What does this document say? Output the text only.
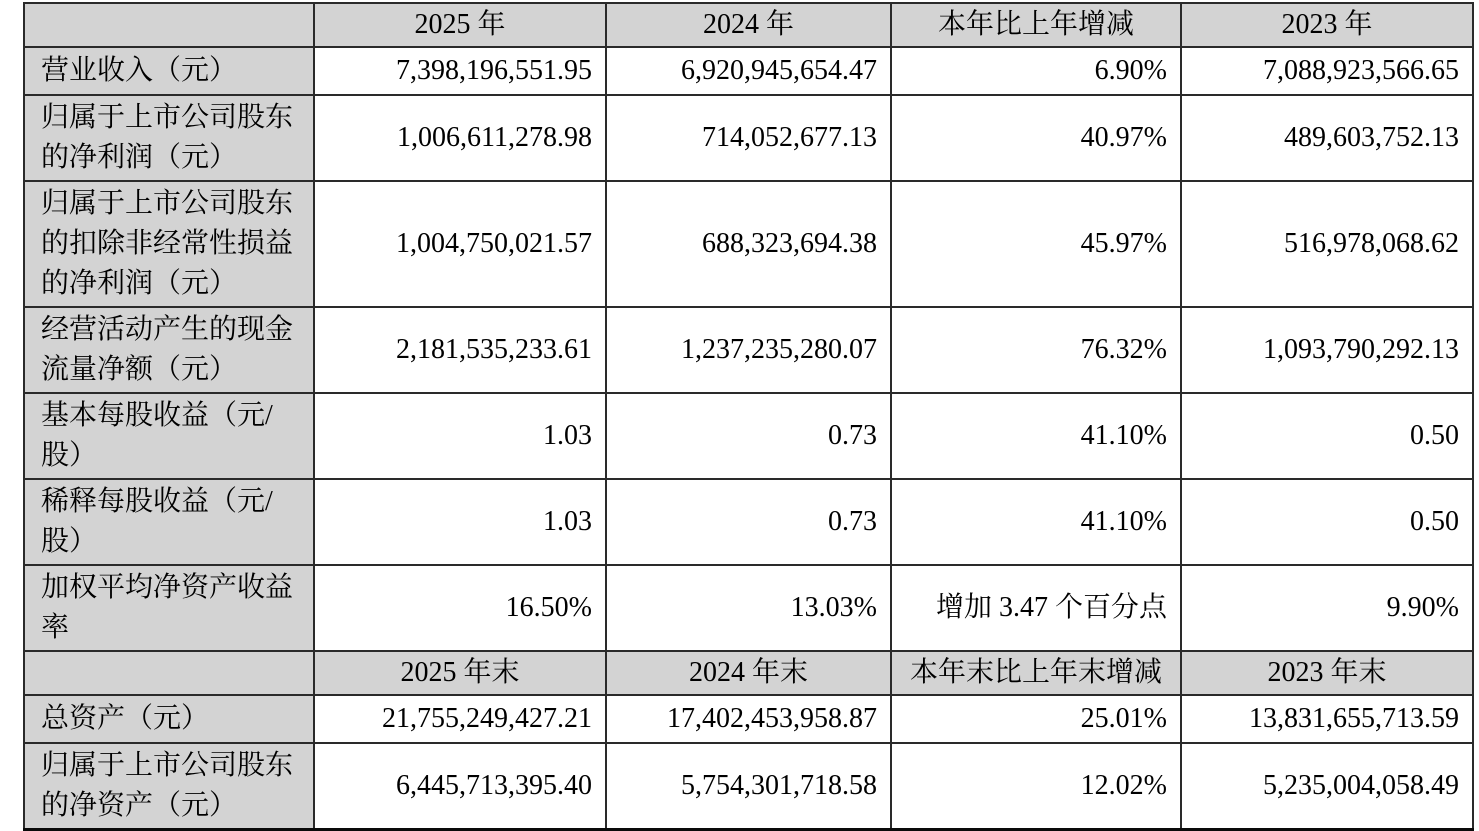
	2025 年	2024 年	本年比上年增减	2023 年
营业收入（元）	7,398,196,551.95	6,920,945,654.47	6.90%	7,088,923,566.65
归属于上市公司股东的净利润（元）	1,006,611,278.98	714,052,677.13	40.97%	489,603,752.13
归属于上市公司股东的扣除非经常性损益的净利润（元）	1,004,750,021.57	688,323,694.38	45.97%	516,978,068.62
经营活动产生的现金流量净额（元）	2,181,535,233.61	1,237,235,280.07	76.32%	1,093,790,292.13
基本每股收益（元/股）	1.03	0.73	41.10%	0.50
稀释每股收益（元/股）	1.03	0.73	41.10%	0.50
加权平均净资产收益率	16.50%	13.03%	增加 3.47 个百分点	9.90%
	2025 年末	2024 年末	本年末比上年末增减	2023 年末
总资产（元）	21,755,249,427.21	17,402,453,958.87	25.01%	13,831,655,713.59
归属于上市公司股东的净资产（元）	6,445,713,395.40	5,754,301,718.58	12.02%	5,235,004,058.49
